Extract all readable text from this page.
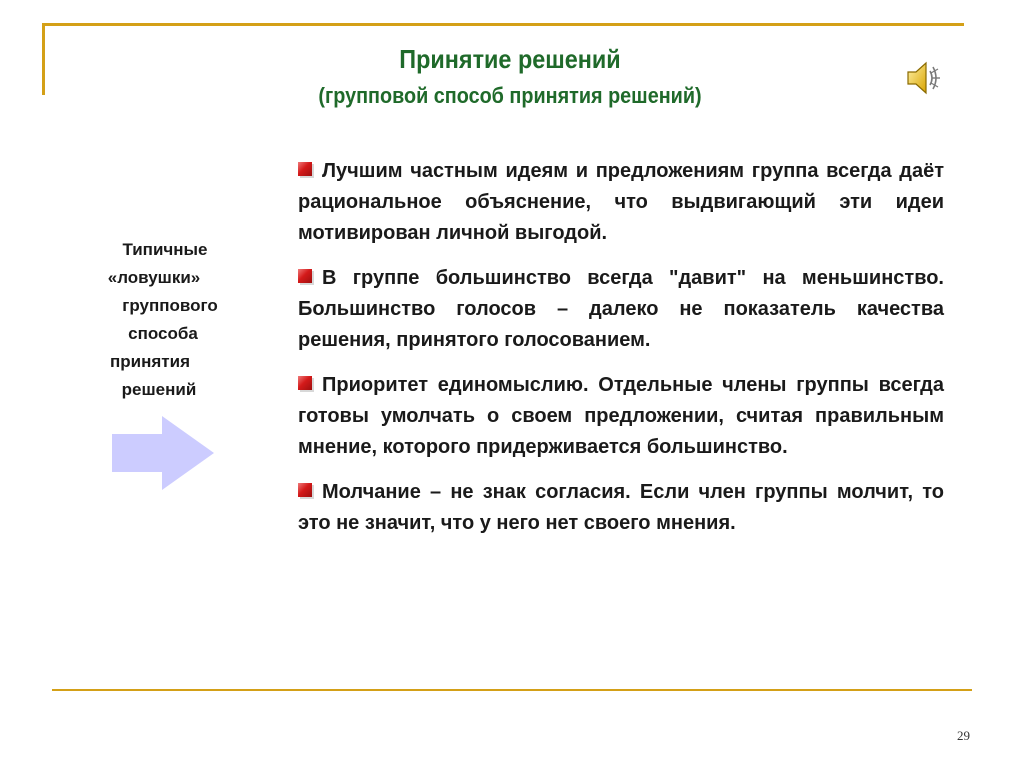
Принятие решений
(групповой способ принятия решений)
Типичные
«ловушки»
группового
способа
принятия
решений

Лучшим частным идеям и предложениям группа всегда даёт рациональное объяснение, что выдвигающий эти идеи мотивирован личной выгодой.

В группе большинство всегда "давит" на меньшинство. Большинство голосов – далеко не показатель качества решения, принятого голосованием.

Приоритет единомыслию. Отдельные члены группы всегда готовы умолчать о своем предложении, считая правильным мнение, которого придерживается большинство.

Молчание – не знак согласия. Если член группы молчит, то это не значит, что у него нет своего мнения.

29
